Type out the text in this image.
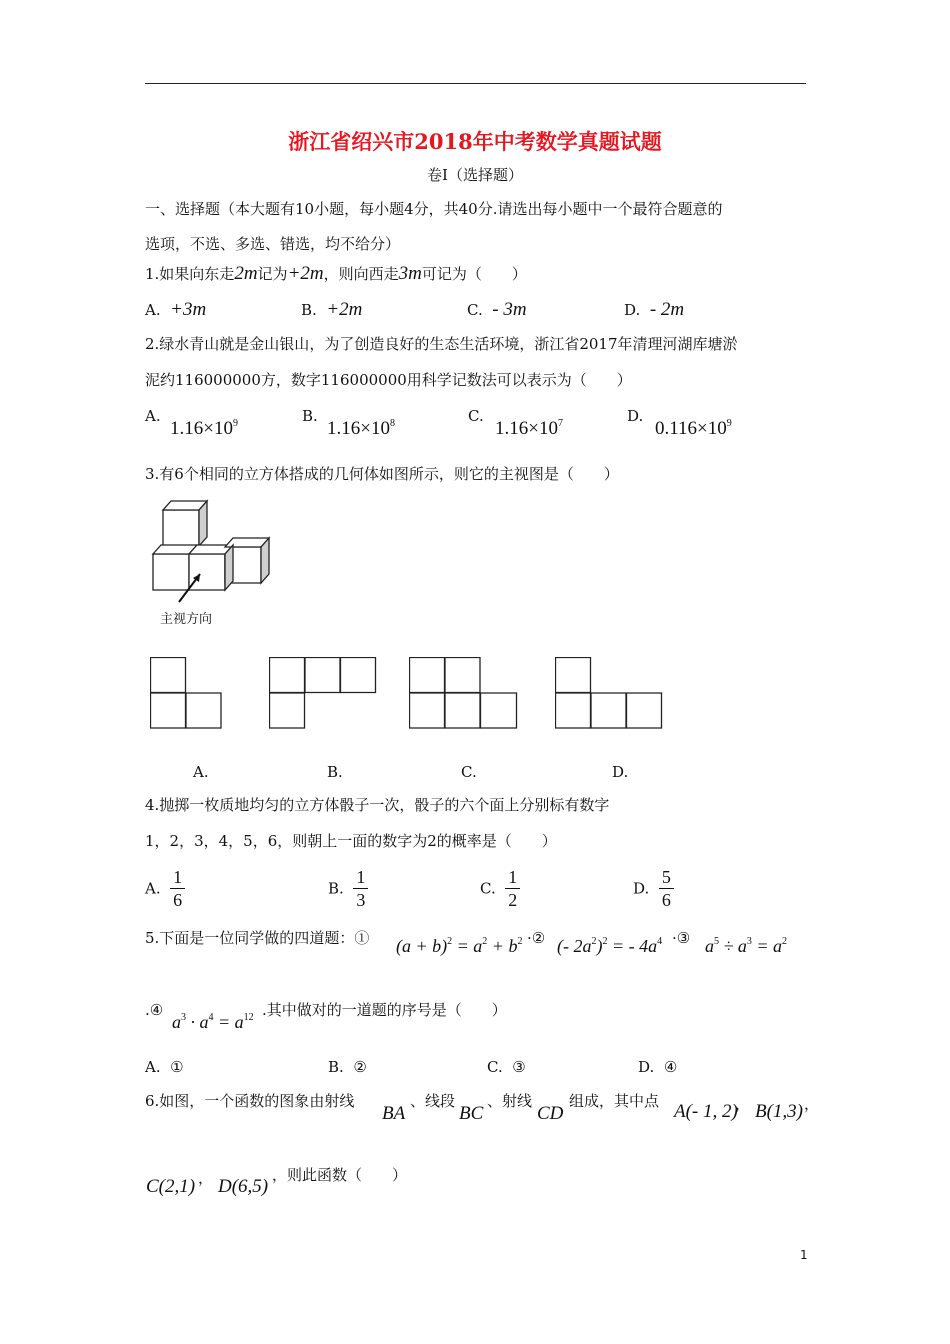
浙江省绍兴市2018年中考数学真题试题
卷Ⅰ（选择题）
一、选择题（本大题有10小题，每小题4分，共40分.请选出每小题中一个最符合题意的
选项，不选、多选、错选，均不给分）
1.如果向东走2m记为+2m，则向西走3m可记为（　　）
A. +3m	B. +2m	C. - 3m	D. - 2m
2.绿水青山就是金山银山，为了创造良好的生态生活环境，浙江省2017年清理河湖库塘淤
泥约116000000方，数字116000000用科学记数法可以表示为（　　）
A.
$1.16\times 10^9$	B.
$1.16\times 10^8$	C.
$1.16\times 10^7$	D.
$0.116\times 10^9$
3.有6个相同的立方体搭成的几何体如图所示，则它的主视图是（　　）
主视方向
A.	B.	C.	D.
4.抛掷一枚质地均匀的立方体骰子一次，骰子的六个面上分别标有数字
1，2，3，4，5，6，则朝上一面的数字为2的概率是（　　）
A. $\frac{1}{6}$	B. $\frac{1}{3}$	C. $\frac{1}{2}$	D. $\frac{5}{6}$
5.下面是一位同学做的四道题：① $(a + b)^2 = a^2 + b^2$ ·② (- $2a^2)^2$ = - $4a^4$ ·③ $a^5 \div a^3 = a^2$
.④
$a^3 \cdot a^4 = a^{12}$ .其中做对的一道题的序号是（　　）
A. ①	B. ②	C. ③	D. ④
6.如图，一个函数的图象由射线
BA
、线段
BC
、射线
CD
组成，其中点 A(- 1, 2)
， B(1,3) ，
C(2,1) ， D(6,5)
，则此函数（　　）
1
